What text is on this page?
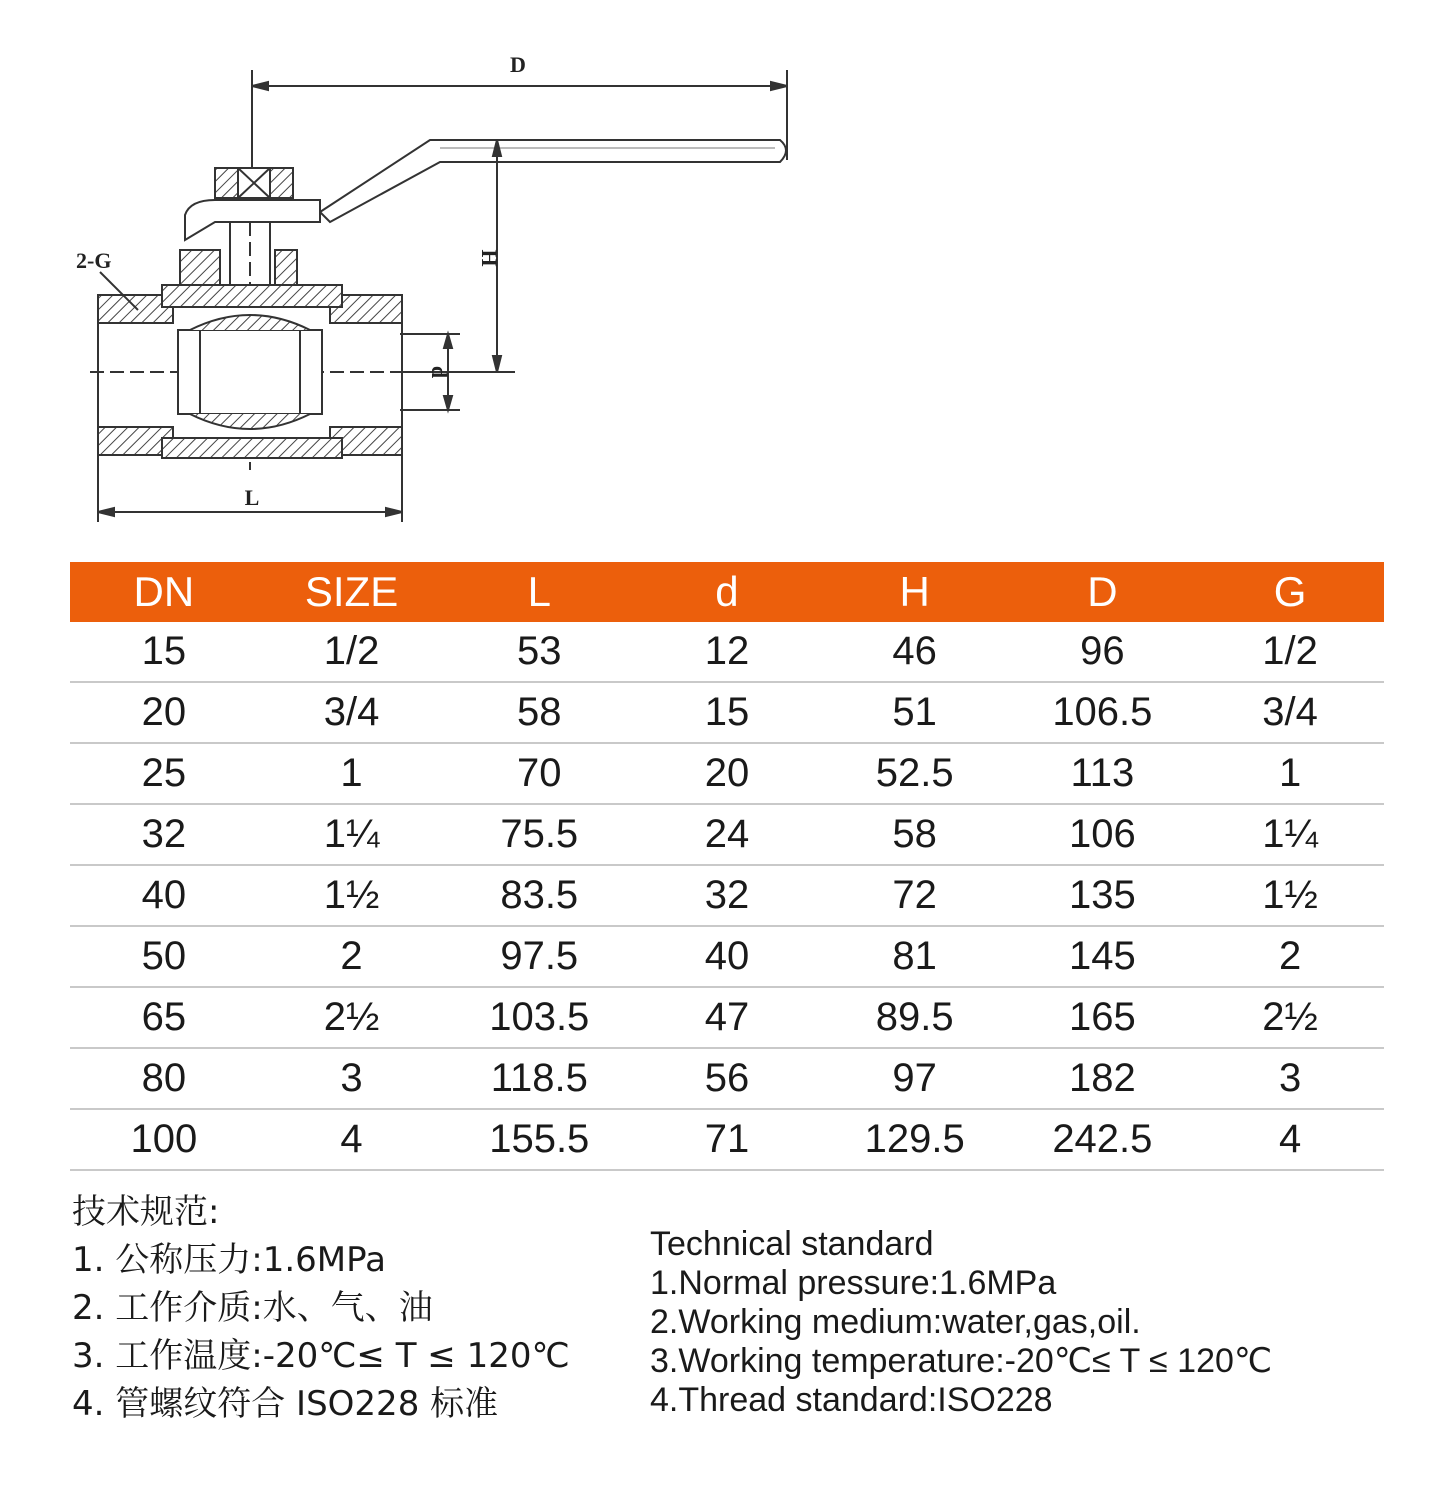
D
H
d
L
2-G
DN	SIZE	L	d	H	D	G
15	1/2	53	12	46	96	1/2
20	3/4	58	15	51	106.5	3/4
25	1	70	20	52.5	113	1
32	1¼	75.5	24	58	106	1¼
40	1½	83.5	32	72	135	1½
50	2	97.5	40	81	145	2
65	2½	103.5	47	89.5	165	2½
80	3	118.5	56	97	182	3
100	4	155.5	71	129.5	242.5	4
技术规范:
1. 公称压力:1.6MPa
2. 工作介质:水、气、油
3. 工作温度:-20℃≤ T ≤ 120℃
4. 管螺纹符合 ISO228 标准
Technical standard
1.Normal pressure:1.6MPa
2.Working medium:water,gas,oil.
3.Working temperature:-20℃≤ T ≤ 120℃
4.Thread standard:ISO228
